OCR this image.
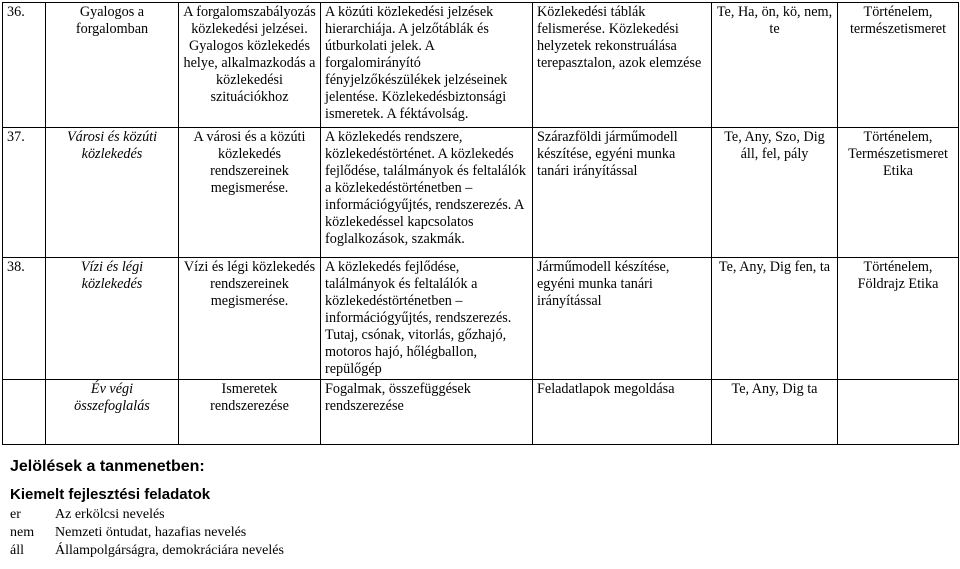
36.	Gyalogos a forgalomban	A forgalomszabályozás közlekedési jelzései. Gyalogos közlekedés helye, alkalmazkodás a közlekedési szituációkhoz	A közúti közlekedési jelzések hierarchiája. A jelzőtáblák és útburkolati jelek. A forgalomirányító fényjelzőkészülékek jelzéseinek jelentése. Közlekedésbiztonsági ismeretek. A féktávolság.	Közlekedési táblák felismerése. Közlekedési helyzetek rekonstruálása terepasztalon, azok elemzése	Te, Ha, ön, kö, nem, te	Történelem, természetismeret
37.	Városi és közúti közlekedés	A városi és a közúti közlekedés rendszereinek megismerése.	A közlekedés rendszere, közlekedéstörténet. A közlekedés fejlődése, találmányok és feltalálók a közlekedéstörténetben – információgyűjtés, rendszerezés. A közlekedéssel kapcsolatos foglalkozások, szakmák.	Szárazföldi járműmodell készítése, egyéni munka tanári irányítással	Te, Any, Szo, Dig áll, fel, pály	Történelem, Természetismeret Etika
38.	Vízi és légi közlekedés	Vízi és légi közlekedés rendszereinek megismerése.	A közlekedés fejlődése, találmányok és feltalálók a közlekedéstörténetben – információgyűjtés, rendszerezés. Tutaj, csónak, vitorlás, gőzhajó, motoros hajó, hőlégballon, repülőgép	Járműmodell készítése, egyéni munka tanári irányítással	Te, Any, Dig fen, ta	Történelem, Földrajz Etika
	Év végi összefoglalás	Ismeretek rendszerezése	Fogalmak, összefüggések rendszerezése	Feladatlapok megoldása	Te, Any, Dig ta	
Jelölések a tanmenetben:
Kiemelt fejlesztési feladatok
er	Az erkölcsi nevelés
nem	Nemzeti öntudat, hazafias nevelés
áll	Állampolgárságra, demokráciára nevelés
